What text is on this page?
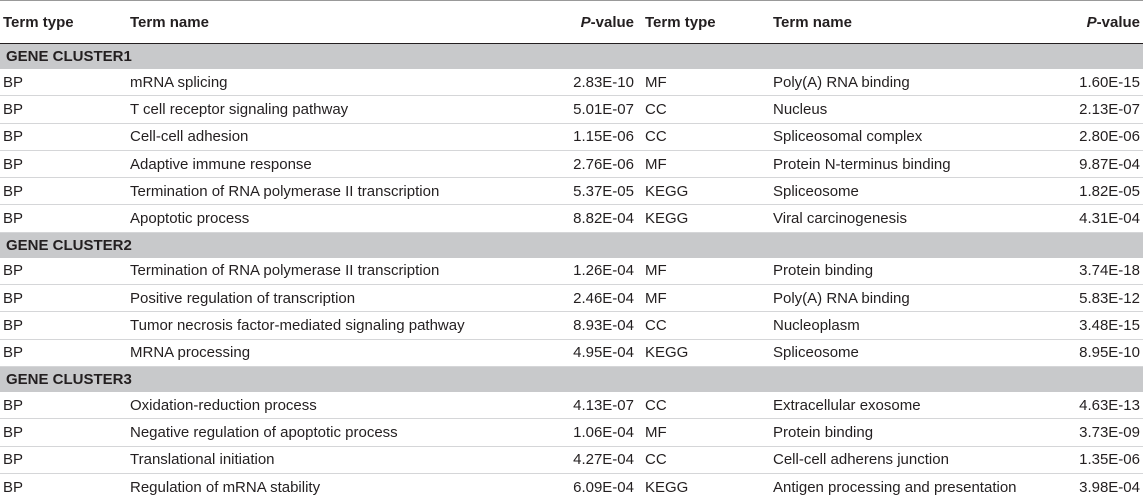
Term type	Term name	P-value	Term type	Term name	P-value
GENE CLUSTER1					
BP	mRNA splicing	2.83E-10	MF	Poly(A) RNA binding	1.60E-15
BP	T cell receptor signaling pathway	5.01E-07	CC	Nucleus	2.13E-07
BP	Cell-cell adhesion	1.15E-06	CC	Spliceosomal complex	2.80E-06
BP	Adaptive immune response	2.76E-06	MF	Protein N-terminus binding	9.87E-04
BP	Termination of RNA polymerase II transcription	5.37E-05	KEGG	Spliceosome	1.82E-05
BP	Apoptotic process	8.82E-04	KEGG	Viral carcinogenesis	4.31E-04
GENE CLUSTER2					
BP	Termination of RNA polymerase II transcription	1.26E-04	MF	Protein binding	3.74E-18
BP	Positive regulation of transcription	2.46E-04	MF	Poly(A) RNA binding	5.83E-12
BP	Tumor necrosis factor-mediated signaling pathway	8.93E-04	CC	Nucleoplasm	3.48E-15
BP	MRNA processing	4.95E-04	KEGG	Spliceosome	8.95E-10
GENE CLUSTER3					
BP	Oxidation-reduction process	4.13E-07	CC	Extracellular exosome	4.63E-13
BP	Negative regulation of apoptotic process	1.06E-04	MF	Protein binding	3.73E-09
BP	Translational initiation	4.27E-04	CC	Cell-cell adherens junction	1.35E-06
BP	Regulation of mRNA stability	6.09E-04	KEGG	Antigen processing and presentation	3.98E-04
